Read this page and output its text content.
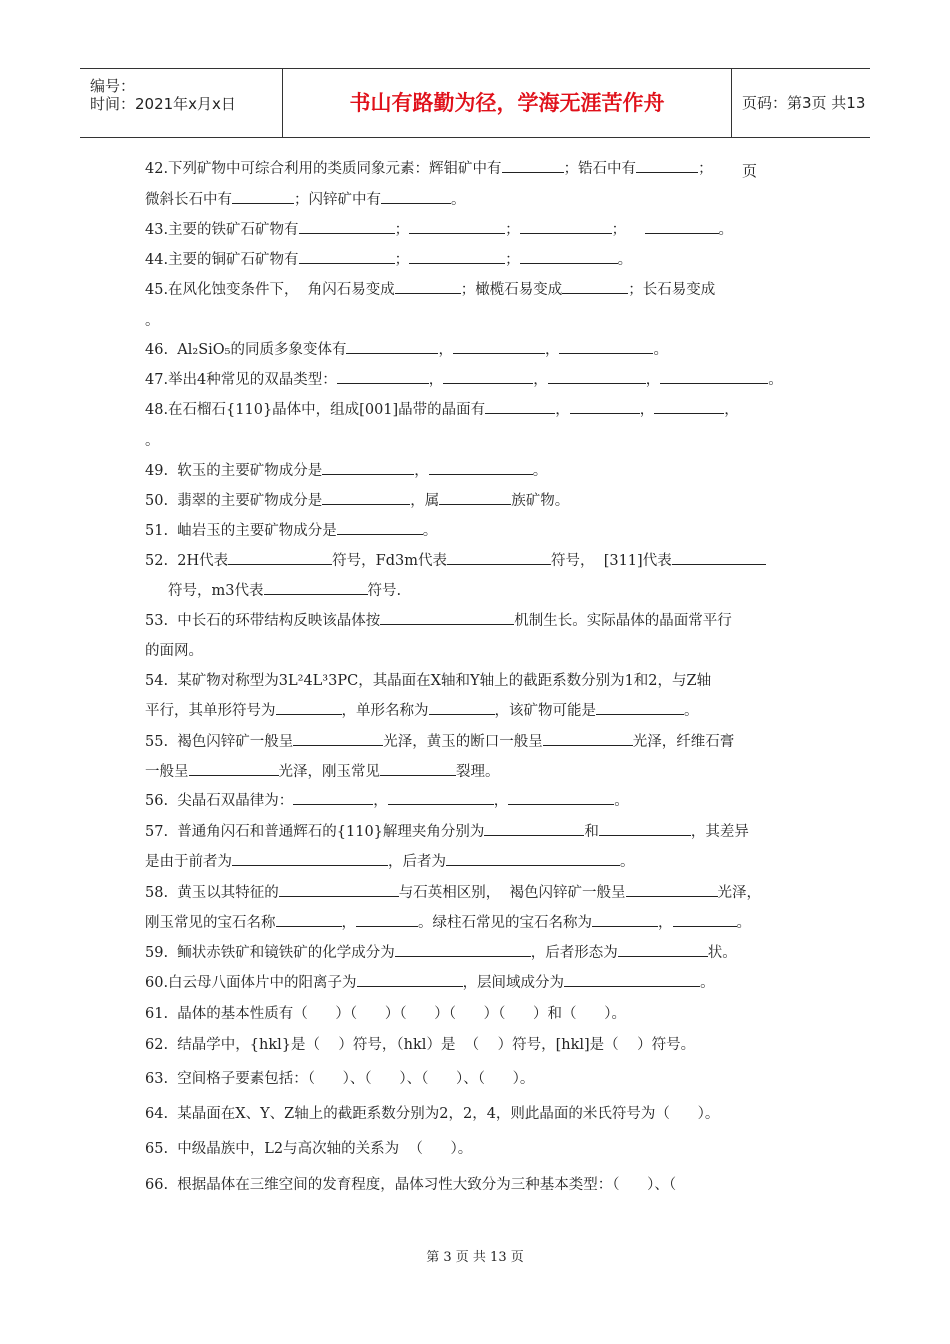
编号：
时间：2021年x月x日	书山有路勤为径，学海无涯苦作舟	页码：第3页 共13页
42.下列矿物中可综合利用的类质同象元素：辉钼矿中有	；锆石中有	；
微斜长石中有	；闪锌矿中有	。
43.主要的铁矿石矿物有	；	；	；	。
44.主要的铜矿石矿物有	；	；	。
45.在风化蚀变条件下，  角闪石易变成	；橄榄石易变成	；长石易变成
。
46.  Al₂SiO₅的同质多象变体有	，	，	。
47.举出4种常见的双晶类型：	，	，	，	。
48.在石榴石{110}晶体中，组成[001]晶带的晶面有	，	，	，
。
49.  软玉的主要矿物成分是	，	。
50.  翡翠的主要矿物成分是	，属	族矿物。
51.  岫岩玉的主要矿物成分是	。
52.  2H代表	符号，Fd3m代表	符号，  [311]代表
符号，m3代表	符号.
53.  中长石的环带结构反映该晶体按	机制生长。实际晶体的晶面常平行
的面网。
54.  某矿物对称型为3L²4L³3PC，其晶面在X轴和Y轴上的截距系数分别为1和2，与Z轴
平行，其单形符号为	，单形名称为	，该矿物可能是	。
55.  褐色闪锌矿一般呈	光泽，黄玉的断口一般呈	光泽，纤维石膏
一般呈	光泽，刚玉常见	裂理。
56.  尖晶石双晶律为：	，	，	。
57.  普通角闪石和普通辉石的{110}解理夹角分别为	和	，其差异
是由于前者为	，后者为	。
58.  黄玉以其特征的	与石英相区别，  褐色闪锌矿一般呈	光泽，
刚玉常见的宝石名称	，	。绿柱石常见的宝石名称为	，	。
59.  鲕状赤铁矿和镜铁矿的化学成分为	，后者形态为	状。
60.白云母八面体片中的阳离子为	，层间域成分为	。
61.  晶体的基本性质有（      ）（      ）（      ）（      ）（      ）和（      ）。
62.  结晶学中，{hkl}是（    ）符号，（hkl）是  （    ）符号，[hkl]是（    ）符号。
63.  空间格子要素包括：（      ）、（      ）、（      ）、（      ）。
64.  某晶面在X、Y、Z轴上的截距系数分别为2，2，4，则此晶面的米氏符号为（      ）。
65.  中级晶族中，L2与高次轴的关系为  （      ）。
66.  根据晶体在三维空间的发育程度，晶体习性大致分为三种基本类型：（      ）、（
第 3 页 共 13 页
